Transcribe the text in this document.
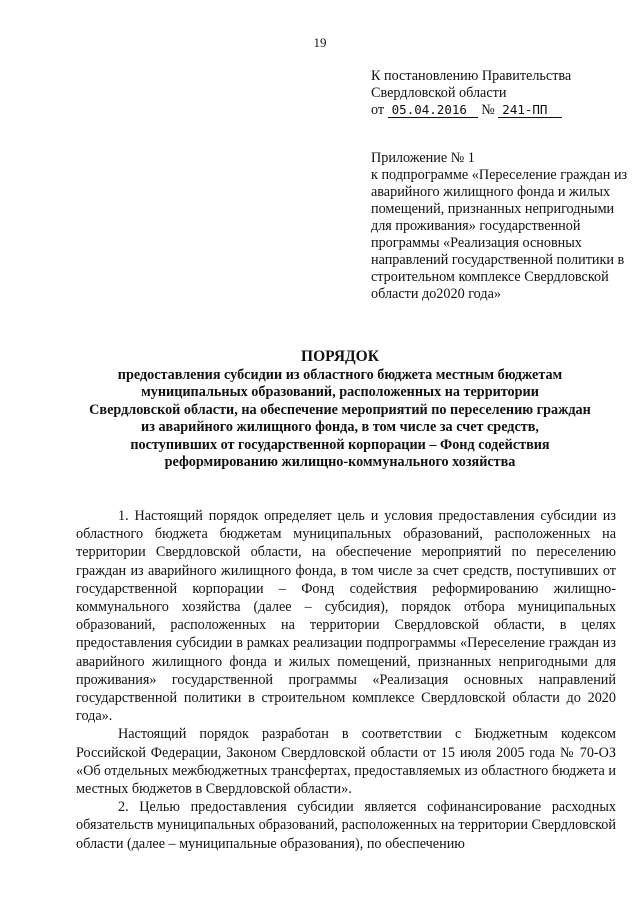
19
К постановлению Правительства
Свердловской области
от 05.04.2016 № 241-ПП

Приложение № 1

к подпрограмме «Переселение граждан из аварийного жилищного фонда и жилых помещений, признанных непригодными для проживания» государственной программы «Реализация основных направлений государственной политики в строительном комплексе Свердловской области до2020 года»

ПОРЯДОК
предоставления субсидии из областного бюджета местным бюджетам
муниципальных образований, расположенных на территории
Свердловской области, на обеспечение мероприятий по переселению граждан
из аварийного жилищного фонда, в том числе за счет средств,
поступивших от государственной корпорации – Фонд содействия
реформированию жилищно-коммунального хозяйства

1. Настоящий порядок определяет цель и условия предоставления субсидии из областного бюджета бюджетам муниципальных образований, расположенных на территории Свердловской области, на обеспечение мероприятий по переселению граждан из аварийного жилищного фонда, в том числе за счет средств, поступивших от государственной корпорации – Фонд содействия реформированию жилищно-коммунального хозяйства (далее – субсидия), порядок отбора муниципальных образований, расположенных на территории Свердловской области, в целях предоставления субсидии в рамках реализации подпрограммы «Переселение граждан из аварийного жилищного фонда и жилых помещений, признанных непригодными для проживания» государственной программы «Реализация основных направлений государственной политики в строительном комплексе Свердловской области до 2020 года».

Настоящий порядок разработан в соответствии с Бюджетным кодексом Российской Федерации, Законом Свердловской области от 15 июля 2005 года № 70-ОЗ «Об отдельных межбюджетных трансфертах, предоставляемых из областного бюджета и местных бюджетов в Свердловской области».

2. Целью предоставления субсидии является софинансирование расходных обязательств муниципальных образований, расположенных на территории Свердловской области (далее – муниципальные образования), по обеспечению
